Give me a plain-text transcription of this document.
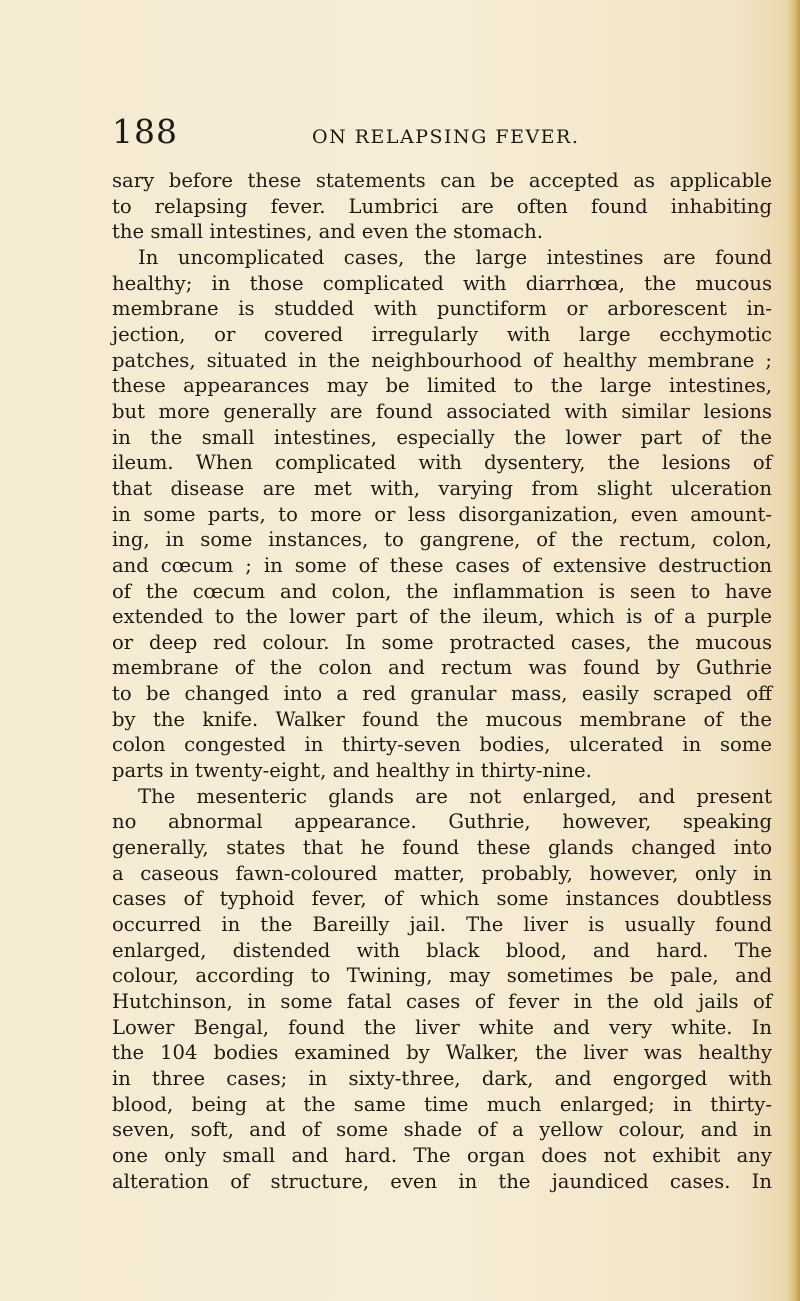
188	ON RELAPSING FEVER.
sary before these statements can be accepted as applicable
to relapsing fever. Lumbrici are often found inhabiting
the small intestines, and even the stomach.
In uncomplicated cases, the large intestines are found
healthy; in those complicated with diarrhœa, the mucous
membrane is studded with punctiform or arborescent in-
jection, or covered irregularly with large ecchymotic
patches, situated in the neighbourhood of healthy membrane ;
these appearances may be limited to the large intestines,
but more generally are found associated with similar lesions
in the small intestines, especially the lower part of the
ileum. When complicated with dysentery, the lesions of
that disease are met with, varying from slight ulceration
in some parts, to more or less disorganization, even amount-
ing, in some instances, to gangrene, of the rectum, colon,
and cœcum ; in some of these cases of extensive destruction
of the cœcum and colon, the inflammation is seen to have
extended to the lower part of the ileum, which is of a purple
or deep red colour. In some protracted cases, the mucous
membrane of the colon and rectum was found by Guthrie
to be changed into a red granular mass, easily scraped off
by the knife. Walker found the mucous membrane of the
colon congested in thirty-seven bodies, ulcerated in some
parts in twenty-eight, and healthy in thirty-nine.
The mesenteric glands are not enlarged, and present
no abnormal appearance. Guthrie, however, speaking
generally, states that he found these glands changed into
a caseous fawn-coloured matter, probably, however, only in
cases of typhoid fever, of which some instances doubtless
occurred in the Bareilly jail. The liver is usually found
enlarged, distended with black blood, and hard. The
colour, according to Twining, may sometimes be pale, and
Hutchinson, in some fatal cases of fever in the old jails of
Lower Bengal, found the liver white and very white. In
the 104 bodies examined by Walker, the liver was healthy
in three cases; in sixty-three, dark, and engorged with
blood, being at the same time much enlarged; in thirty-
seven, soft, and of some shade of a yellow colour, and in
one only small and hard. The organ does not exhibit any
alteration of structure, even in the jaundiced cases. In
